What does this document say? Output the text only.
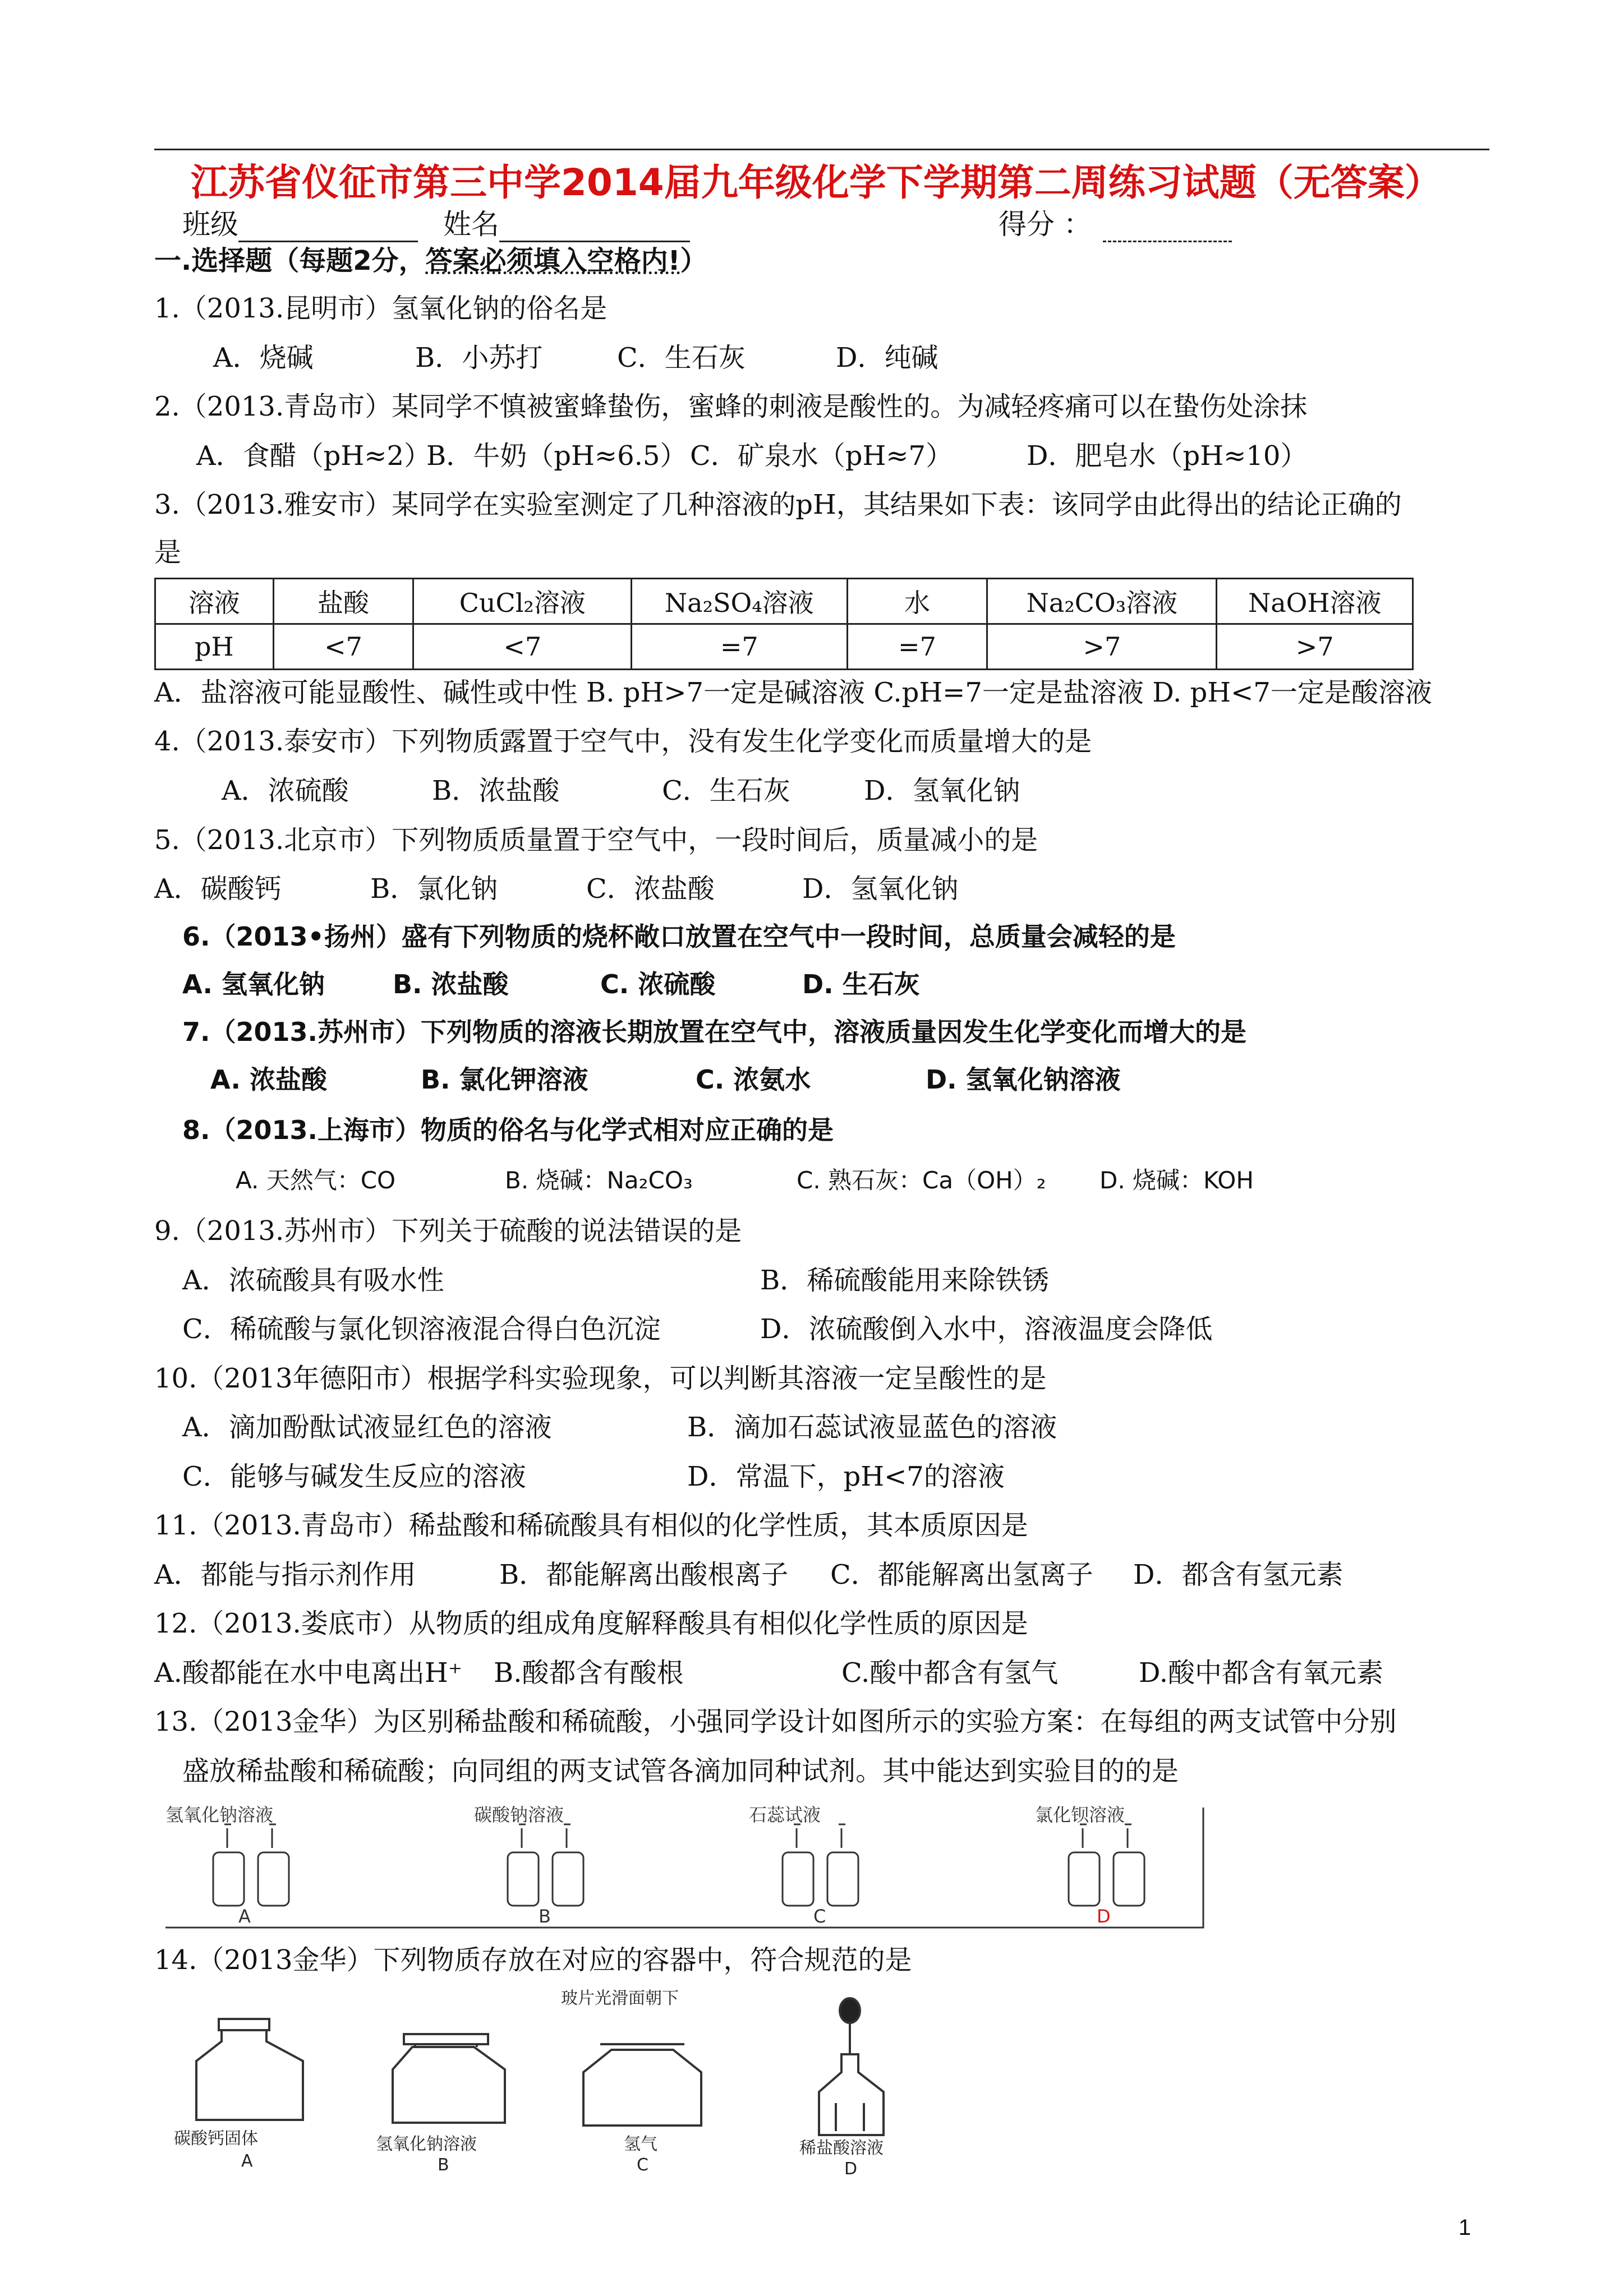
江苏省仪征市第三中学2014届九年级化学下学期第二周练习试题（无答案）
班级	姓名	得分 ：
一.选择题（每题2分，答案必须填入空格内!）
1.（2013.昆明市）氢氧化钠的俗名是
A．烧碱	B．小苏打	C．生石灰	D．纯碱
2.（2013.青岛市）某同学不慎被蜜蜂蛰伤，蜜蜂的刺液是酸性的。为减轻疼痛可以在蛰伤处涂抹
A．食醋（pH≈2）
B．牛奶（pH≈6.5） C．矿泉水（pH≈7）	D．肥皂水（pH≈10）
3.（2013.雅安市）某同学在实验室测定了几种溶液的pH，其结果如下表：该同学由此得出的结论正确的
是
溶液	盐酸	CuCl₂溶液	Na₂SO₄溶液	水	Na₂CO₃溶液	NaOH溶液
pH	<7	<7	=7	=7	>7	>7
A．盐溶液可能显酸性、碱性或中性 B. pH>7一定是碱溶液 C.pH=7一定是盐溶液 D. pH<7一定是酸溶液
4.（2013.泰安市）下列物质露置于空气中，没有发生化学变化而质量增大的是
A．浓硫酸	B．浓盐酸	C．生石灰	D．氢氧化钠
5.（2013.北京市）下列物质质量置于空气中，一段时间后，质量减小的是
A．碳酸钙	B．氯化钠	C．浓盐酸	D．氢氧化钠
6.（2013•扬州）盛有下列物质的烧杯敞口放置在空气中一段时间，总质量会减轻的是
A. 氢氧化钠	B. 浓盐酸	C. 浓硫酸	D. 生石灰
7.（2013.苏州市）下列物质的溶液长期放置在空气中，溶液质量因发生化学变化而增大的是
A. 浓盐酸	B. 氯化钾溶液	C. 浓氨水	D. 氢氧化钠溶液
8.（2013.上海市）物质的俗名与化学式相对应正确的是
A. 天然气：CO	B. 烧碱：Na₂CO₃	C. 熟石灰：Ca（OH）₂ D. 烧碱：KOH
9.（2013.苏州市）下列关于硫酸的说法错误的是
A．浓硫酸具有吸水性	B．稀硫酸能用来除铁锈
C．稀硫酸与氯化钡溶液混合得白色沉淀	D．浓硫酸倒入水中，溶液温度会降低
10.（2013年德阳市）根据学科实验现象，可以判断其溶液一定呈酸性的是
A．滴加酚酞试液显红色的溶液	B．滴加石蕊试液显蓝色的溶液
C．能够与碱发生反应的溶液	D．常温下，pH<7的溶液
11.（2013.青岛市）稀盐酸和稀硫酸具有相似的化学性质，其本质原因是
A．都能与指示剂作用	B．都能解离出酸根离子 C．都能解离出氢离子 D．都含有氢元素
12.（2013.娄底市）从物质的组成角度解释酸具有相似化学性质的原因是
A.酸都能在水中电离出H⁺ B.酸都含有酸根	C.酸中都含有氢气	D.酸中都含有氧元素
13.（2013金华）为区别稀盐酸和稀硫酸，小强同学设计如图所示的实验方案：在每组的两支试管中分别
盛放稀盐酸和稀硫酸；向同组的两支试管各滴加同种试剂。其中能达到实验目的的是
氢氧化钠溶液	碳酸钠溶液	石蕊试液	氯化钡溶液
A	B	C	D
14.（2013金华）下列物质存放在对应的容器中，符合规范的是
玻片光滑面朝下
碳酸钙固体
A
氢氧化钠溶液
B
氢气
C
稀盐酸溶液
D
1
